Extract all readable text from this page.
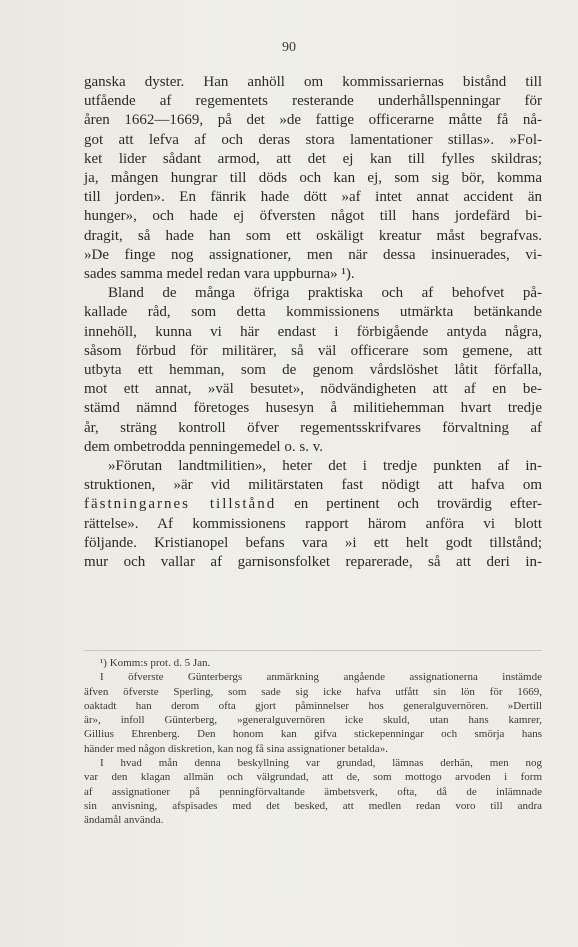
90
ganska dyster. Han anhöll om kommissariernas bistånd till
utfående af regementets resterande underhållspenningar för
åren 1662—1669, på det »de fattige officerarne måtte få nå-
got att lefva af och deras stora lamentationer stillas». »Fol-
ket lider sådant armod, att det ej kan till fylles skildras;
ja, mången hungrar till döds och kan ej, som sig bör, komma
till jorden». En fänrik hade dött »af intet annat accident än
hunger», och hade ej öfversten något till hans jordefärd bi-
dragit, så hade han som ett oskäligt kreatur måst begrafvas.
»De finge nog assignationer, men när dessa insinuerades, vi-
sades samma medel redan vara uppburna» ¹).
Bland de många öfriga praktiska och af behofvet på-
kallade råd, som detta kommissionens utmärkta betänkande
innehöll, kunna vi här endast i förbigående antyda några,
såsom förbud för militärer, så väl officerare som gemene, att
utbyta ett hemman, som de genom vårdslöshet låtit förfalla,
mot ett annat, »väl besutet», nödvändigheten att af en be-
stämd nämnd företoges husesyn å militiehemman hvart tredje
år, sträng kontroll öfver regementsskrifvares förvaltning af
dem ombetrodda penningemedel o. s. v.
»Förutan landtmilitien», heter det i tredje punkten af in-
struktionen, »är vid militärstaten fast nödigt att hafva om
fästningarnes tillstånd en pertinent och trovärdig efter-
rättelse». Af kommissionens rapport härom anföra vi blott
följande. Kristianopel befans vara »i ett helt godt tillstånd;
mur och vallar af garnisonsfolket reparerade, så att deri in-
¹) Komm:s prot. d. 5 Jan.
I öfverste Günterbergs anmärkning angående assignationerna instämde
äfven öfverste Sperling, som sade sig icke hafva utfått sin lön för 1669,
oaktadt han derom ofta gjort påminnelser hos generalguvernören. »Dertill
är», infoll Günterberg, »generalguvernören icke skuld, utan hans kamrer,
Gillius Ehrenberg. Den honom kan gifva stickepenningar och smörja hans
händer med någon diskretion, kan nog få sina assignationer betalda».
I hvad mån denna beskyllning var grundad, lämnas derhän, men nog
var den klagan allmän och välgrundad, att de, som mottogo arvoden i form
af assignationer på penningförvaltande ämbetsverk, ofta, då de inlämnade
sin anvisning, afspisades med det besked, att medlen redan voro till andra
ändamål använda.
